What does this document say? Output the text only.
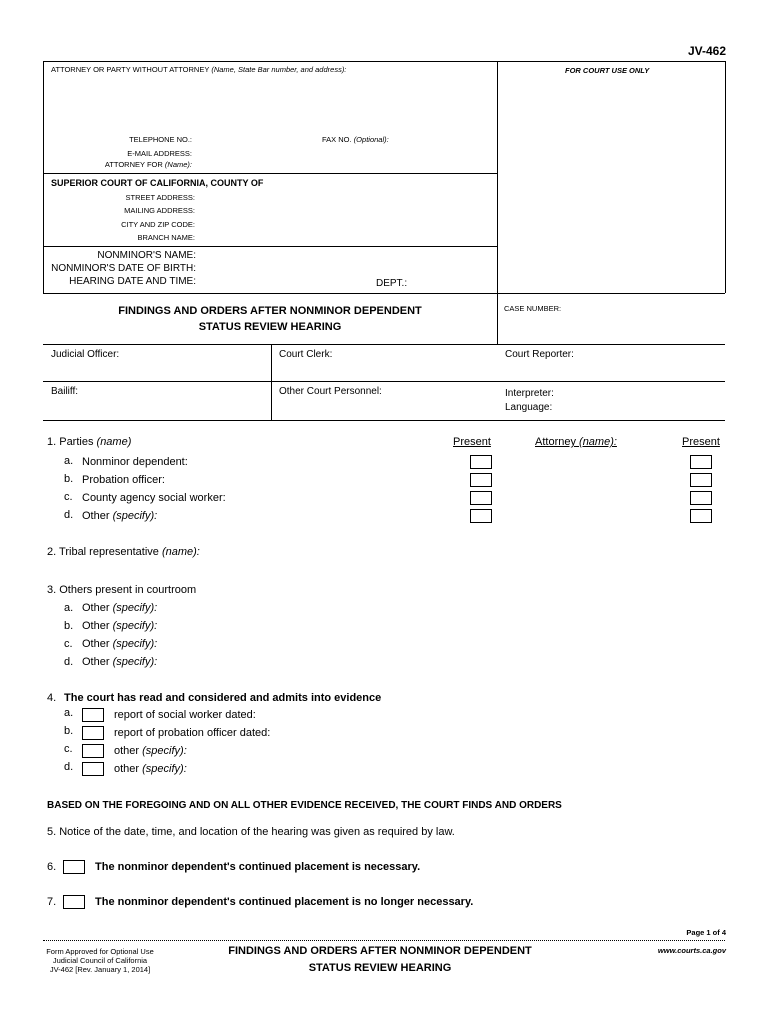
JV-462
ATTORNEY OR PARTY WITHOUT ATTORNEY (Name, State Bar number, and address):	FOR COURT USE ONLY
TELEPHONE NO.:	FAX NO. (Optional):
E-MAIL ADDRESS:
ATTORNEY FOR (Name):
SUPERIOR COURT OF CALIFORNIA, COUNTY OF
STREET ADDRESS:
MAILING ADDRESS:
CITY AND ZIP CODE:
BRANCH NAME:
NONMINOR'S NAME:
NONMINOR'S DATE OF BIRTH:
HEARING DATE AND TIME:	DEPT.:
FINDINGS AND ORDERS AFTER NONMINOR DEPENDENT
STATUS REVIEW HEARING
CASE NUMBER:
Judicial Officer:	Court Clerk:	Court Reporter:
Bailiff:	Other Court Personnel:	Interpreter:
Language:
1. Parties (name)	Present	Attorney (name):	Present
a. Nonminor dependent:
b. Probation officer:
c. County agency social worker:
d. Other (specify):
2. Tribal representative (name):
3. Others present in courtroom
a. Other (specify):
b. Other (specify):
c. Other (specify):
d. Other (specify):
4. The court has read and considered and admits into evidence
a.	report of social worker dated:
b.	report of probation officer dated:
c.	other (specify):
d.	other (specify):
BASED ON THE FOREGOING AND ON ALL OTHER EVIDENCE RECEIVED, THE COURT FINDS AND ORDERS
5. Notice of the date, time, and location of the hearing was given as required by law.
6.	The nonminor dependent's continued placement is necessary.
7.	The nonminor dependent's continued placement is no longer necessary.
Page 1 of 4
Form Approved for Optional Use
Judicial Council of California
JV-462 [Rev. January 1, 2014]
FINDINGS AND ORDERS AFTER NONMINOR DEPENDENT
STATUS REVIEW HEARING
www.courts.ca.gov
